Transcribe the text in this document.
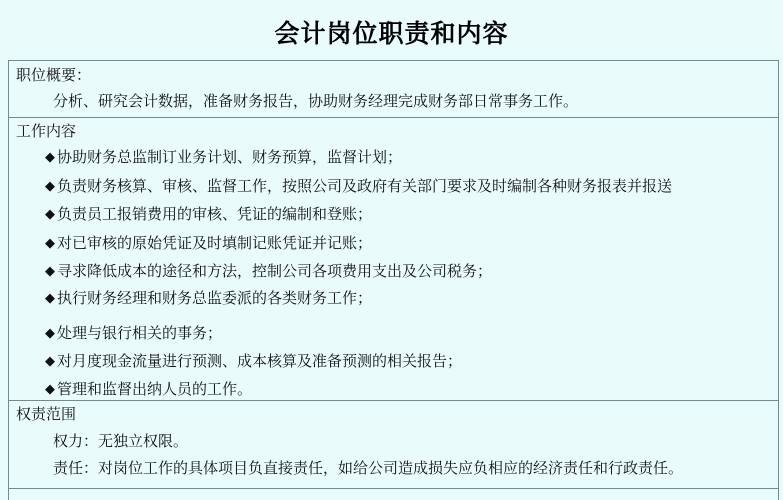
会计岗位职责和内容
职位概要：
分析、研究会计数据，准备财务报告，协助财务经理完成财务部日常事务工作。
工作内容
◆ 协助财务总监制订业务计划、财务预算，监督计划；
◆ 负责财务核算、审核、监督工作，按照公司及政府有关部门要求及时编制各种财务报表并报送
◆ 负责员工报销费用的审核、凭证的编制和登账；
◆ 对已审核的原始凭证及时填制记账凭证并记账；
◆ 寻求降低成本的途径和方法，控制公司各项费用支出及公司税务；
◆ 执行财务经理和财务总监委派的各类财务工作；
◆ 处理与银行相关的事务；
◆ 对月度现金流量进行预测、成本核算及准备预测的相关报告；
◆ 管理和监督出纳人员的工作。
权责范围
权力：无独立权限。
责任：对岗位工作的具体项目负直接责任，如给公司造成损失应负相应的经济责任和行政责任。
